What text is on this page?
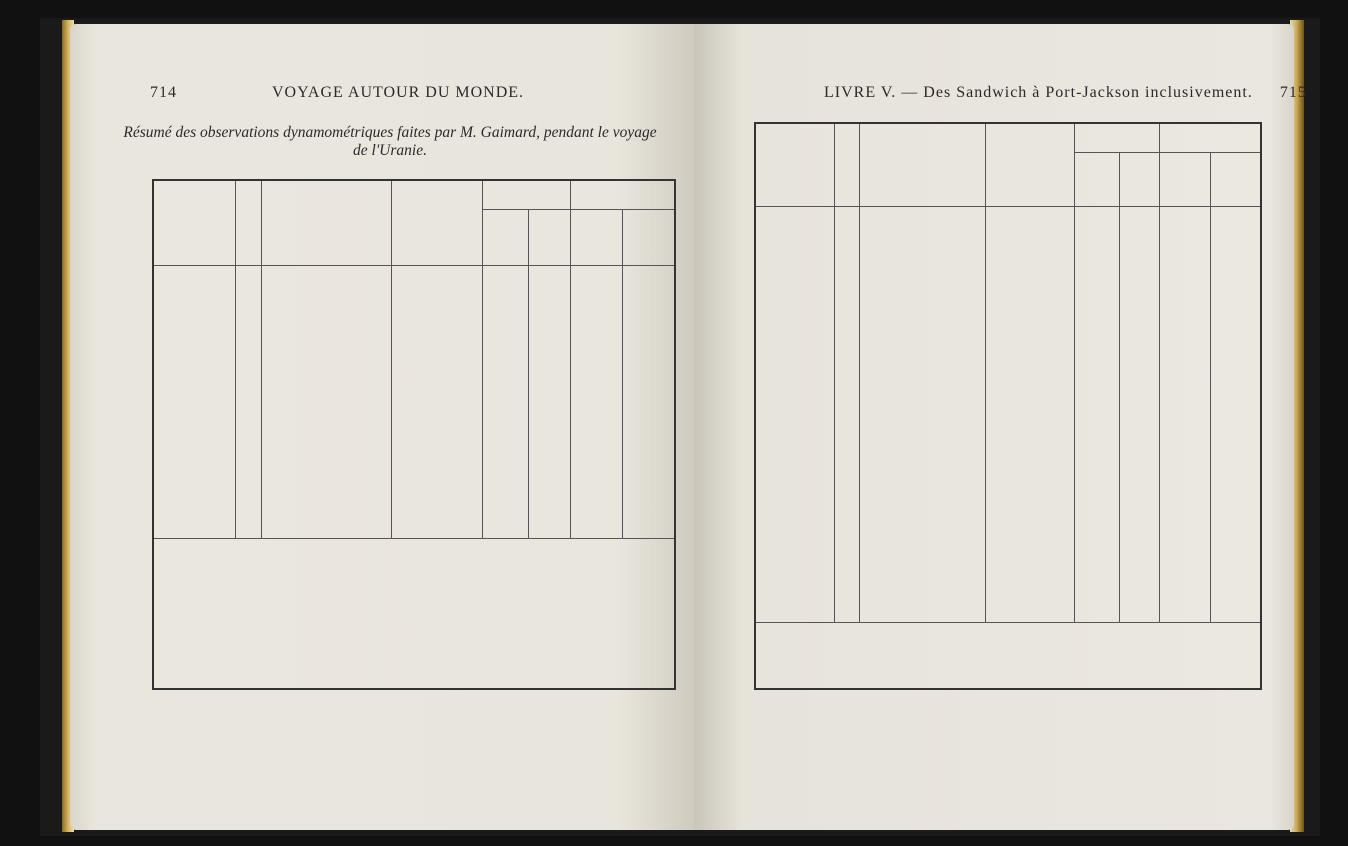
714	VOYAGE AUTOUR DU MONDE.
Résumé des observations dynamométriques faites par M. Gaimard, pendant le voyage
de l'Uranie.
LIVRE V. — Des Sandwich à Port-Jackson inclusivement. 715
